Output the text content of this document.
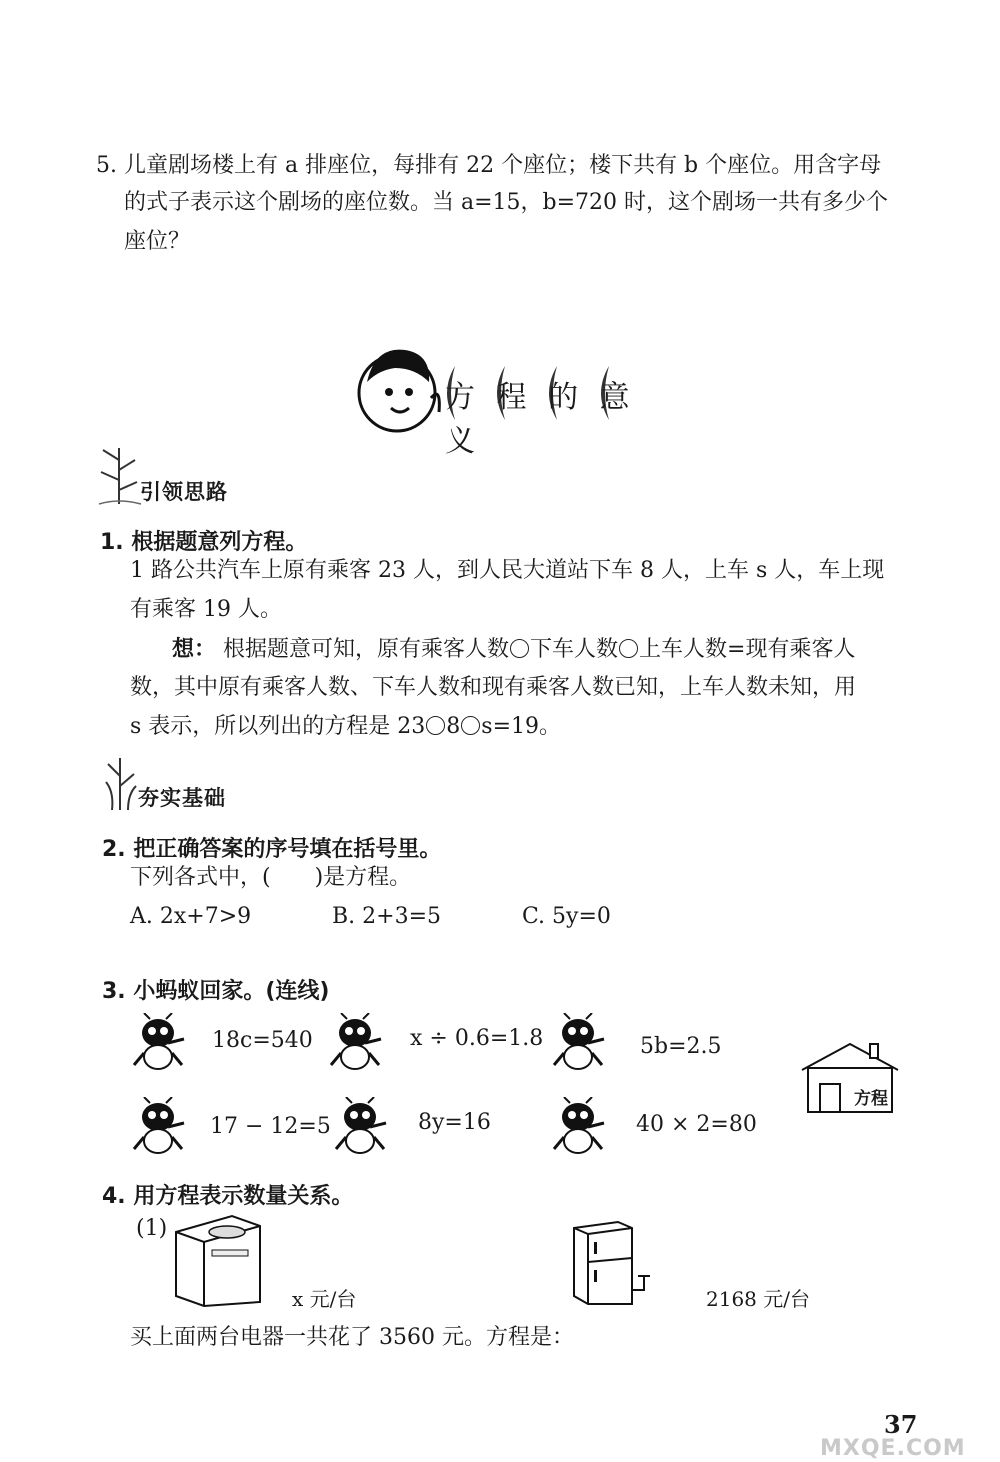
5. 儿童剧场楼上有 a 排座位，每排有 22 个座位；楼下共有 b 个座位。用含字母
的式子表示这个剧场的座位数。当 a=15，b=720 时，这个剧场一共有多少个
座位？
方 程 的 意 义
引领思路
1. 根据题意列方程。
1 路公共汽车上原有乘客 23 人，到人民大道站下车 8 人，上车 s 人，车上现
有乘客 19 人。
想： 根据题意可知，原有乘客人数 下车人数 上车人数=现有乘客人
数，其中原有乘客人数、下车人数和现有乘客人数已知，上车人数未知，用
s 表示，所以列出的方程是 23 8 s=19。
夯实基础
2. 把正确答案的序号填在括号里。
下列各式中，(　　)是方程。
A. 2x+7>9	B. 2+3=5	C. 5y=0
3. 小蚂蚁回家。(连线)
18c=540	x ÷ 0.6=1.8	5b=2.5
方程
17 − 12=5	8y=16	40 × 2=80
4. 用方程表示数量关系。
(1)
x 元/台	2168 元/台
买上面两台电器一共花了 3560 元。方程是：
37
MXQE.COM
